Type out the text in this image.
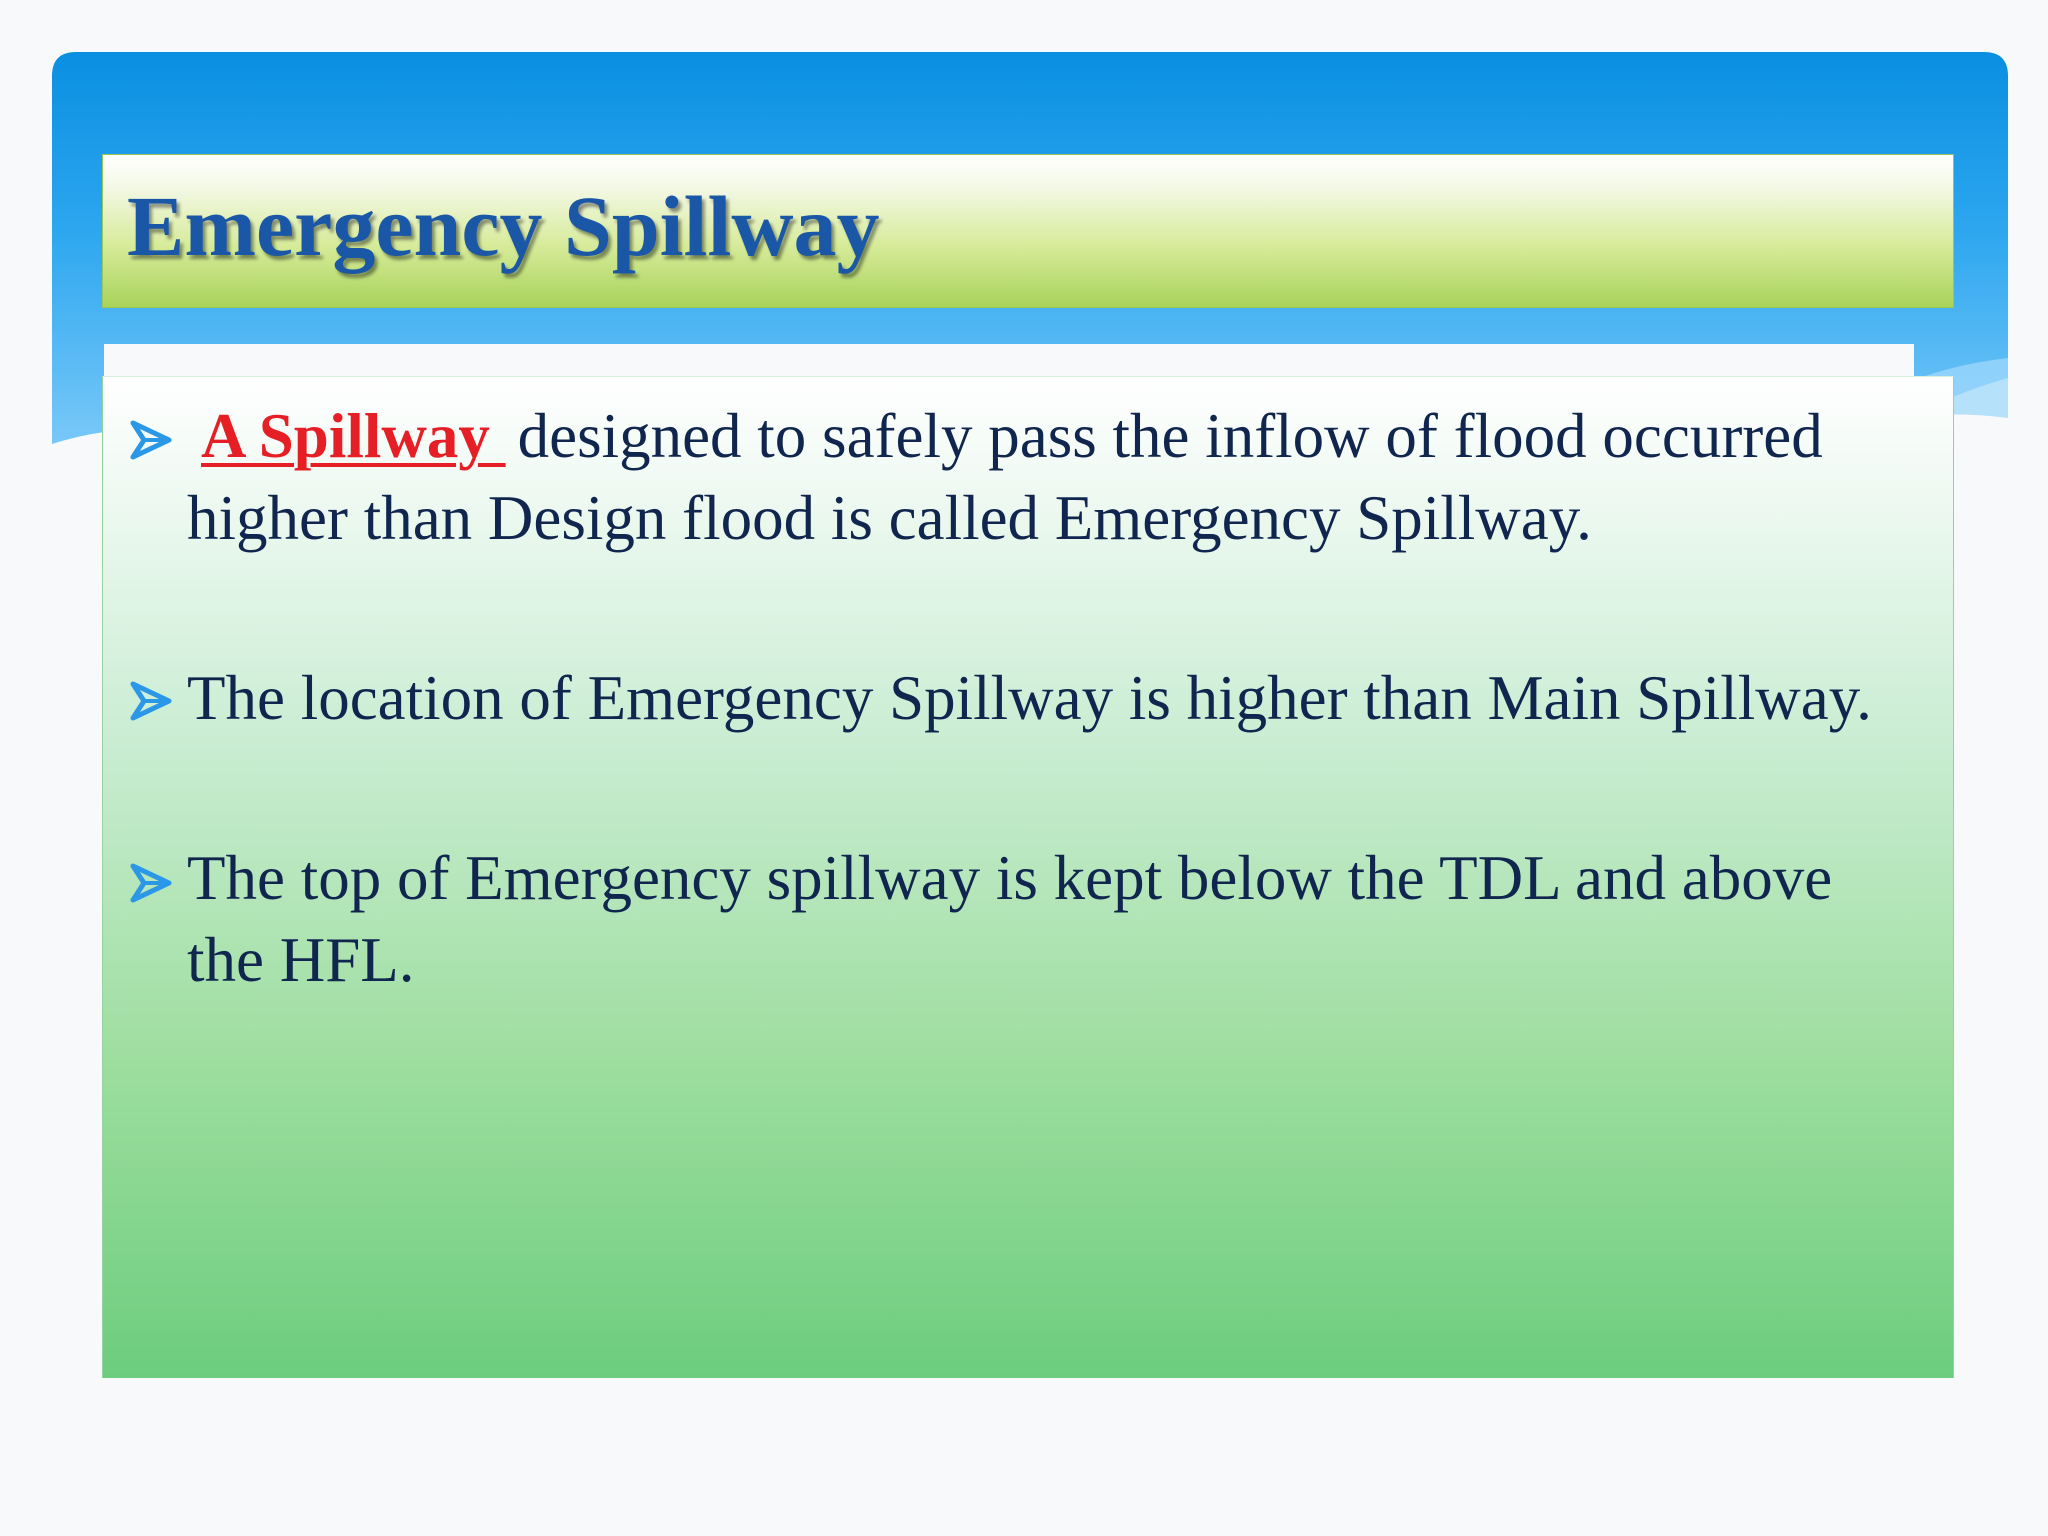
Emergency Spillway

A Spillway designed to safely pass the inflow of flood occurred higher than Design flood is called Emergency Spillway.

The location of Emergency Spillway is higher than Main Spillway.

The top of Emergency spillway is kept below the TDL and above the HFL.
